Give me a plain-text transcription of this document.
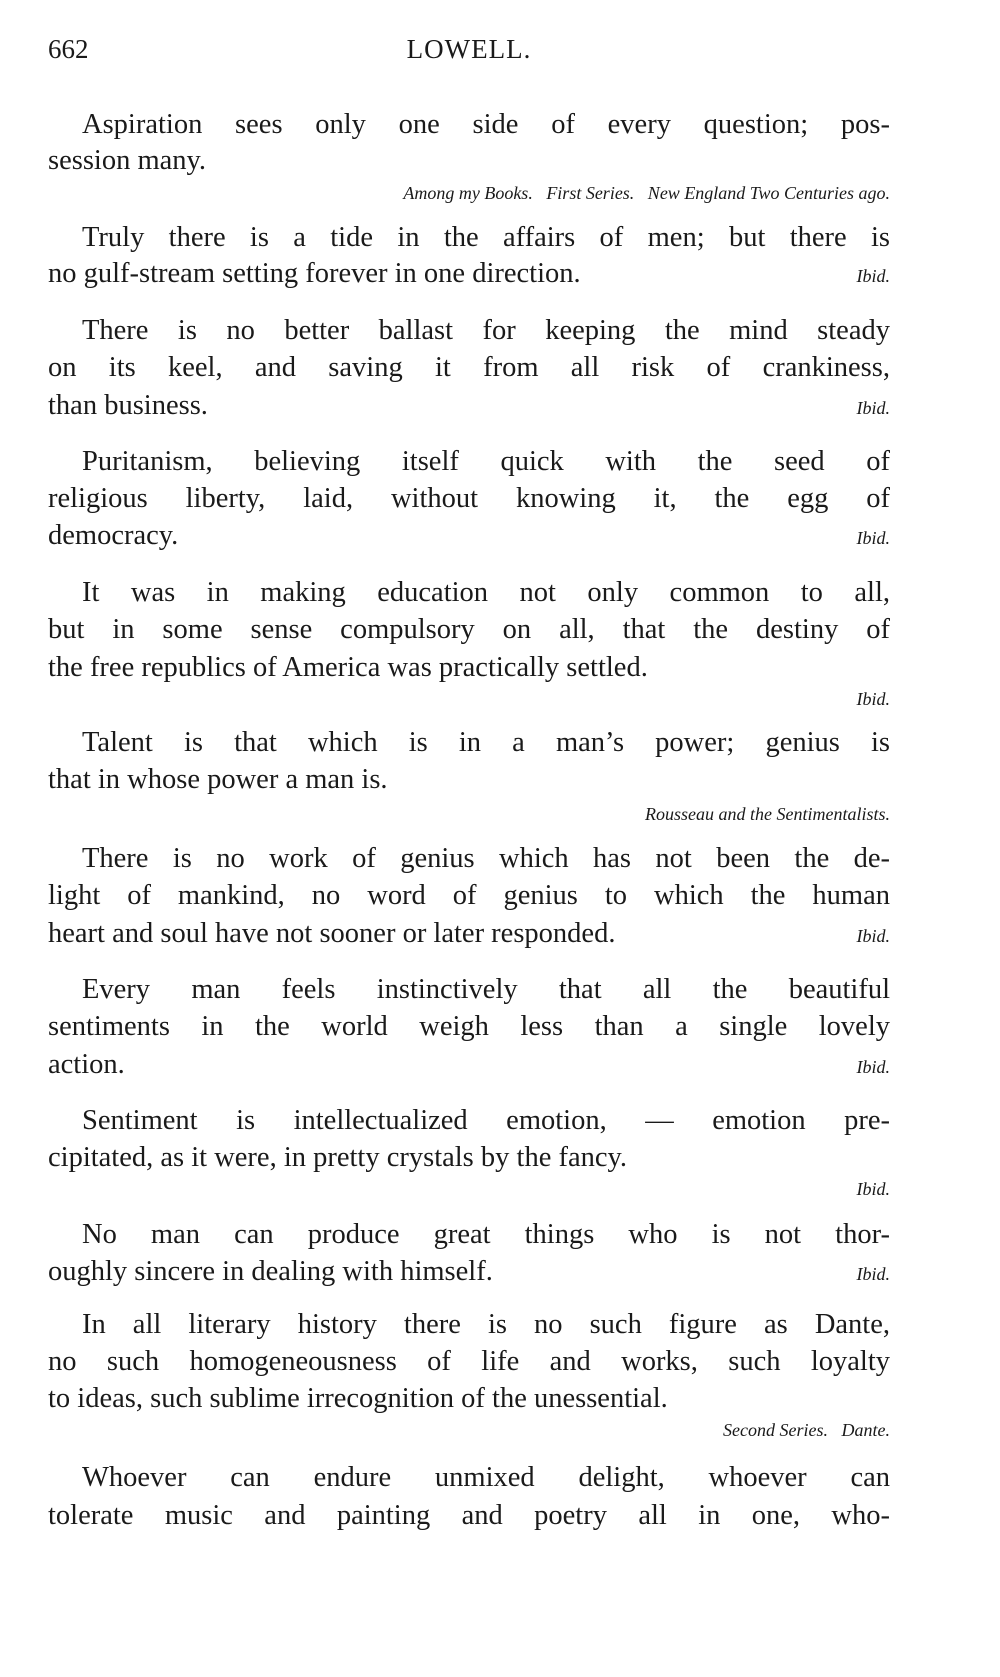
662	LOWELL.
Aspiration sees only one side of every question; pos-
session many.
Among my Books.   First Series.   New England Two Centuries ago.
Truly there is a tide in the affairs of men; but there is
no gulf-stream setting forever in one direction.	Ibid.
There is no better ballast for keeping the mind steady
on its keel, and saving it from all risk of crankiness,
than business.	Ibid.
Puritanism, believing itself quick with the seed of
religious liberty, laid, without knowing it, the egg of
democracy.	Ibid.
It was in making education not only common to all,
but in some sense compulsory on all, that the destiny of
the free republics of America was practically settled.
Ibid.
Talent is that which is in a man’s power; genius is
that in whose power a man is.
Rousseau and the Sentimentalists.
There is no work of genius which has not been the de-
light of mankind, no word of genius to which the human
heart and soul have not sooner or later responded.	Ibid.
Every man feels instinctively that all the beautiful
sentiments in the world weigh less than a single lovely
action.	Ibid.
Sentiment is intellectualized emotion, — emotion pre-
cipitated, as it were, in pretty crystals by the fancy.
Ibid.
No man can produce great things who is not thor-
oughly sincere in dealing with himself.	Ibid.
In all literary history there is no such figure as Dante,
no such homogeneousness of life and works, such loyalty
to ideas, such sublime irrecognition of the unessential.
Second Series.   Dante.
Whoever can endure unmixed delight, whoever can
tolerate music and painting and poetry all in one, who-
